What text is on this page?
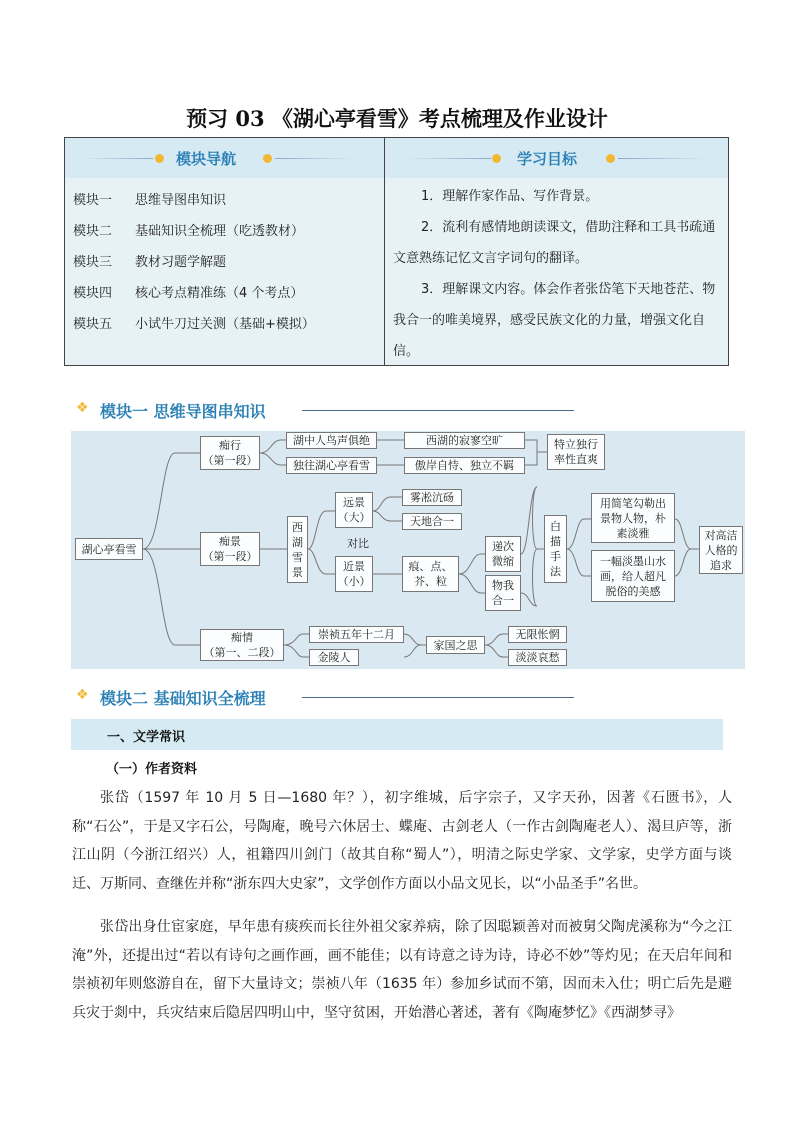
预习 03 《湖心亭看雪》考点梳理及作业设计
模块导航	学习目标
模块一 思维导图串知识
模块二 基础知识全梳理（吃透教材）
模块三 教材习题学解题
模块四 核心考点精准练（4 个考点）
模块五 小试牛刀过关测（基础+模拟）
1．理解作家作品、写作背景。
2．流利有感情地朗读课文，借助注释和工具书疏通文意熟练记忆文言字词句的翻译。
3．理解课文内容。体会作者张岱笔下天地苍茫、物我合一的唯美境界，感受民族文化的力量，增强文化自信。
❖ 模块一 思维导图串知识
湖心亭看雪
痴行
（第一段）
湖中人鸟声俱绝
独往湖心亭看雪
西湖的寂寥空旷
傲岸自恃、独立不羁
特立独行
率性直爽
痴景
（第一段）
西
湖
雪
景
远景
（大）
对比
近景
（小）
雾凇沆砀
天地合一
痕、点、
芥、粒
递次
微缩
物我
合一
白
描
手
法
用简笔勾勒出
景物人物，朴
素淡雅
一幅淡墨山水
画，给人超凡
脱俗的美感
对高洁
人格的
追求
痴情
（第一、二段）
崇祯五年十二月
金陵人
家国之思
无限怅惘
淡淡哀愁
❖ 模块二 基础知识全梳理
一、文学常识
（一）作者资料
张岱（1597 年 10 月 5 日—1680 年？），初字维城，后字宗子，又字天孙，因著《石匮书》，人称“石公”，于是又字石公，号陶庵，晚号六休居士、蝶庵、古剑老人（一作古剑陶庵老人）、渴旦庐等，浙江山阴（今浙江绍兴）人，祖籍四川剑门（故其自称“蜀人”），明清之际史学家、文学家，史学方面与谈迁、万斯同、查继佐并称“浙东四大史家”，文学创作方面以小品文见长，以“小品圣手”名世。
张岱出身仕宦家庭，早年患有痰疾而长往外祖父家养病，除了因聪颖善对而被舅父陶虎溪称为“今之江淹”外，还提出过“若以有诗句之画作画，画不能佳；以有诗意之诗为诗，诗必不妙”等灼见；在天启年间和崇祯初年则悠游自在，留下大量诗文；崇祯八年（1635 年）参加乡试而不第，因而未入仕；明亡后先是避兵灾于剡中，兵灾结束后隐居四明山中，坚守贫困，开始潜心著述，著有《陶庵梦忆》《西湖梦寻》
